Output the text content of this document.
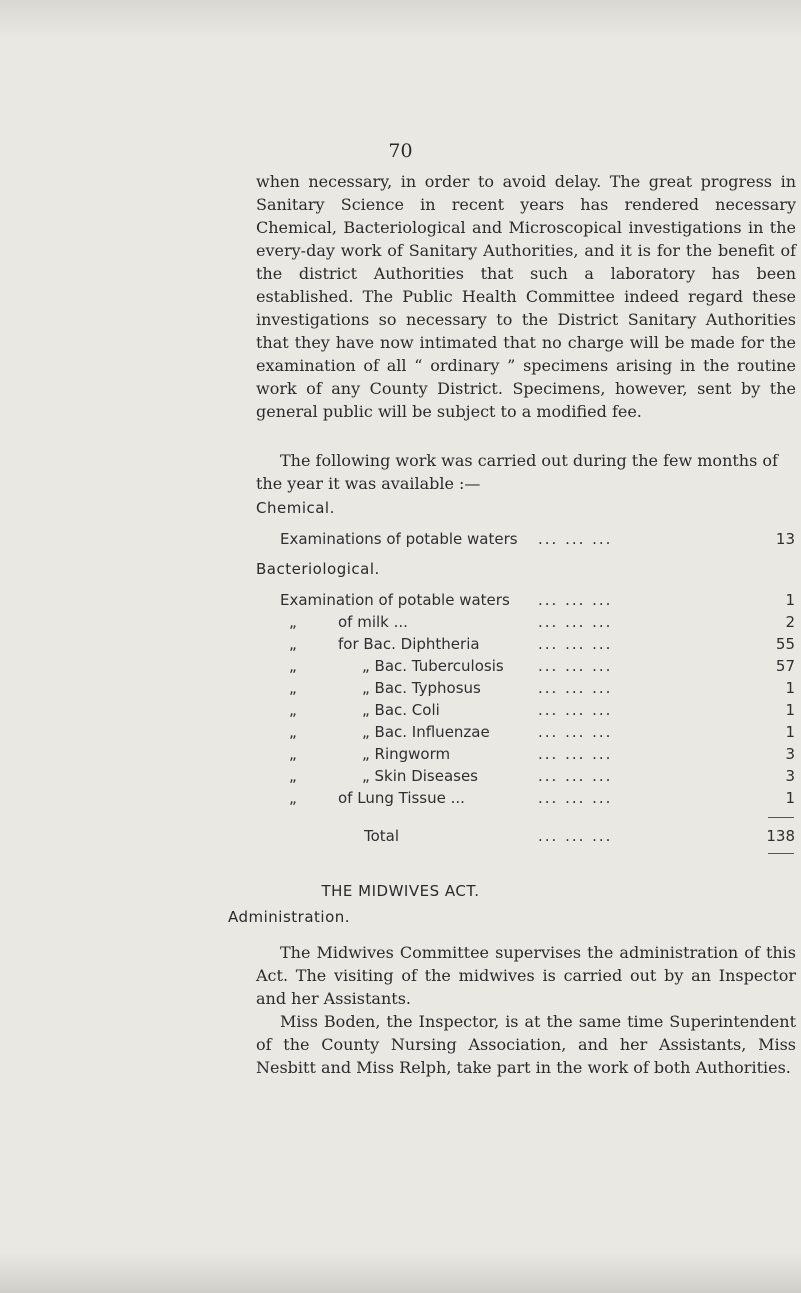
70

when necessary, in order to avoid delay. The great progress in Sanitary Science in recent years has rendered necessary Chemical, Bacteriological and Microscopical investigations in the every-day work of Sanitary Authorities, and it is for the benefit of the district Authorities that such a laboratory has been established. The Public Health Committee indeed regard these investigations so necessary to the District Sanitary Authorities that they have now intimated that no charge will be made for the examination of all “ ordinary ” specimens arising in the routine work of any County District. Specimens, however, sent by the general public will be subject to a modified fee.

The following work was carried out during the few months of the year it was available :—

Chemical.
Examinations of potable waters ... ... ...	13
Bacteriological.
Examination of potable waters ... ... ...	1
„	of milk ...	... ... ...	2
„	for Bac. Diphtheria	... ... ...	55
„	„ Bac. Tuberculosis ... ... ...	57
„	„ Bac. Typhosus	... ... ...	1
„	„ Bac. Coli	... ... ...	1
„	„ Bac. Influenzae	... ... ...	1
„	„ Ringworm	... ... ...	3
„	„ Skin Diseases	... ... ...	3
„	of Lung Tissue ...	... ... ...	1
Total	... ... ...	138
THE MIDWIVES ACT.
Administration.

The Midwives Committee supervises the administration of this Act. The visiting of the midwives is carried out by an Inspector and her Assistants.

Miss Boden, the Inspector, is at the same time Superintendent of the County Nursing Association, and her Assistants, Miss Nesbitt and Miss Relph, take part in the work of both Authorities.
